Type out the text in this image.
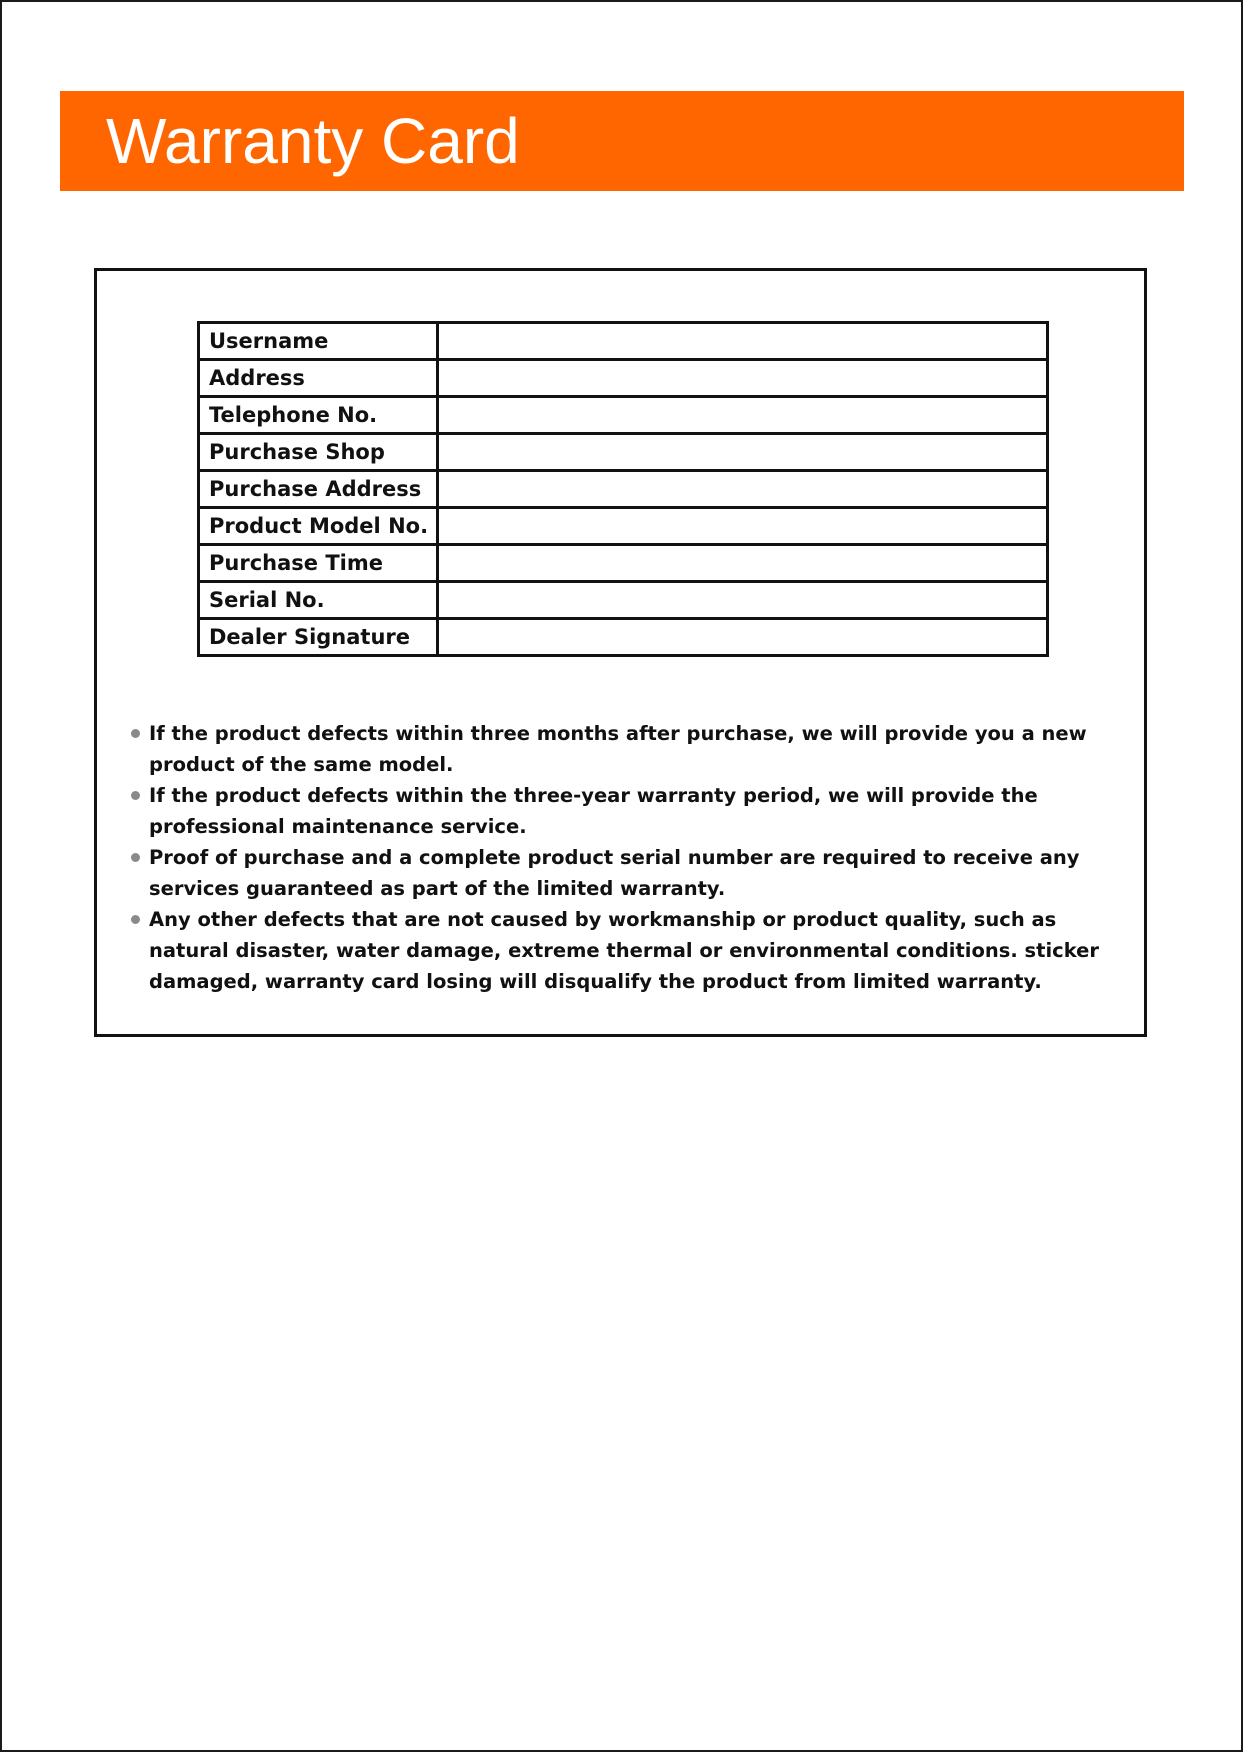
Warranty Card
Username	
Address	
Telephone No.	
Purchase Shop	
Purchase Address	
Product Model No.	
Purchase Time	
Serial No.	
Dealer Signature	
If the product defects within three months after purchase, we will provide you a new product of the same model.
If the product defects within the three-year warranty period, we will provide the professional maintenance service.
Proof of purchase and a complete product serial number are required to receive any services guaranteed as part of the limited warranty.
Any other defects that are not caused by workmanship or product quality, such as natural disaster, water damage, extreme thermal or environmental conditions. sticker damaged, warranty card losing will disqualify the product from limited warranty.
